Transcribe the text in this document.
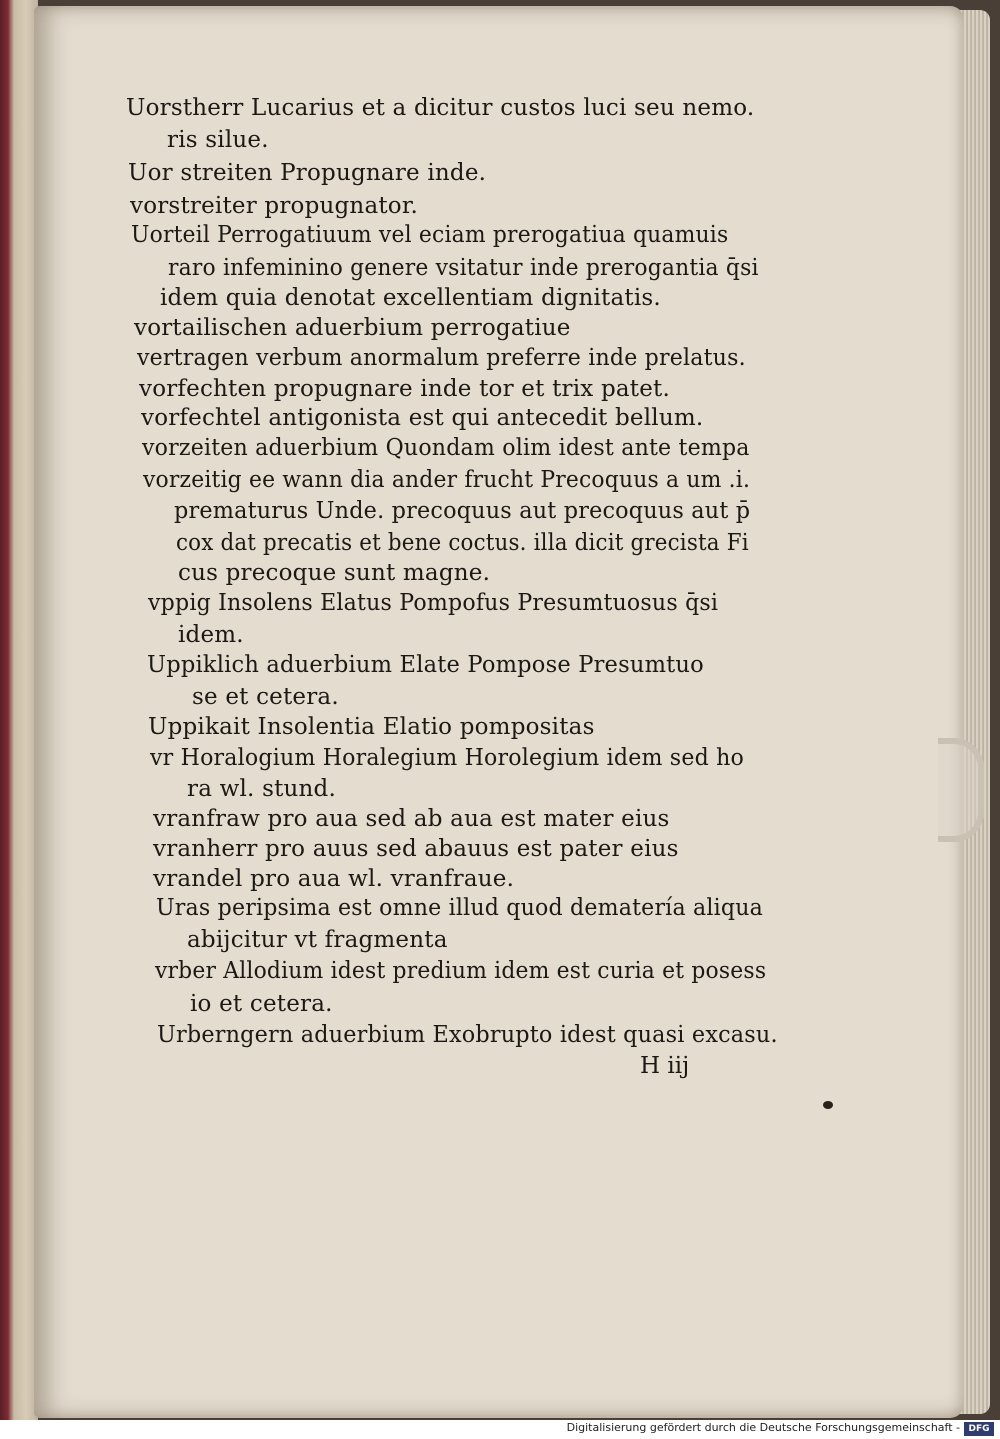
Uorstherr Lucarius et a dicitur custos luci seu nemo.
ris silue.
Uor streiten Propugnare inde.
vorstreiter propugnator.
Uorteil Perrogatiuum vel eciam prerogatiua quamuis
raro infeminino genere vsitatur inde prerogantia q̄si
idem quia denotat excellentiam dignitatis.
vortailischen aduerbium perrogatiue
vertragen verbum anormalum preferre inde prelatus.
vorfechten propugnare inde tor et trix patet.
vorfechtel antigonista est qui antecedit bellum.
vorzeiten aduerbium Quondam olim idest ante tempa
vorzeitig ee wann dia ander frucht Precoquus a um .i.
prematurus Unde. precoquus aut precoquus aut p̄
cox dat precatis et bene coctus. illa dicit grecista Fi
cus precoque sunt magne.
vppig Insolens Elatus Pompofus Presumtuosus q̄si
idem.
Uppiklich aduerbium Elate Pompose Presumtuo
se et cetera.
Uppikait Insolentia Elatio pompositas
vr Horalogium Horalegium Horolegium idem sed ho
ra wl. stund.
vranfraw pro aua sed ab aua est mater eius
vranherr pro auus sed abauus est pater eius
vrandel pro aua wl. vranfraue.
Uras peripsima est omne illud quod dematería aliqua
abijcitur vt fragmenta
vrber Allodium idest predium idem est curia et posess
io et cetera.
Urberngern aduerbium Exobrupto idest quasi excasu.
H iij
Digitalisierung gefördert durch die Deutsche Forschungsgemeinschaft - DFG
